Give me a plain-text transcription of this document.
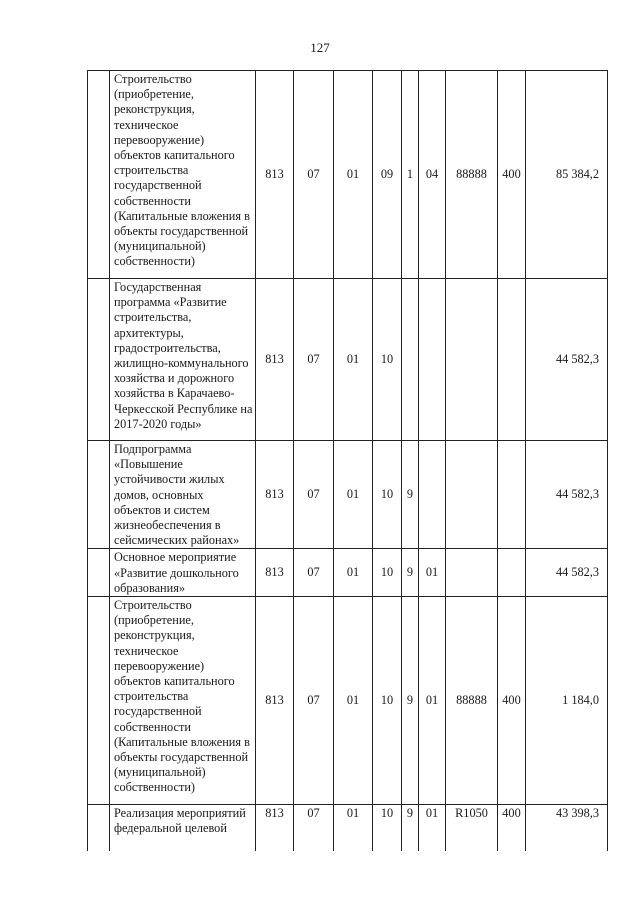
127
	Строительство (приобретение, реконструкция, техническое перевооружение) объектов капитального строительства государственной собственности (Капитальные вложения в объекты государственной (муниципальной) собственности)	813	07	01	09	1	04	88888	400	85 384,2
	Государственная программа «Развитие строительства, архитектуры, градостроительства, жилищно-коммунального хозяйства и дорожного хозяйства в Карачаево-Черкесской Республике на 2017-2020 годы»	813	07	01	10					44 582,3
	Подпрограмма «Повышение устойчивости жилых домов, основных объектов и систем жизнеобеспечения в сейсмических районах»	813	07	01	10	9				44 582,3
	Основное мероприятие «Развитие дошкольного образования»	813	07	01	10	9	01			44 582,3
	Строительство (приобретение, реконструкция, техническое перевооружение) объектов капитального строительства государственной собственности (Капитальные вложения в объекты государственной (муниципальной) собственности)	813	07	01	10	9	01	88888	400	1 184,0
	Реализация мероприятий федеральной целевой	813	07	01	10	9	01	R1050	400	43 398,3
